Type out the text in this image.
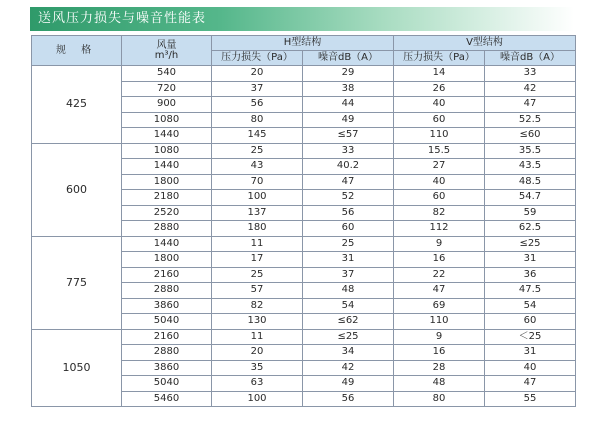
送风压力损失与噪音性能表
规 格	风量
m³/h	H型结构		V型结构	
		压力损失（Pa）	噪音dB（A）	压力损失（Pa）	噪音dB（A）
425	540	20	29	14	33
	720	37	38	26	42
	900	56	44	40	47
	1080	80	49	60	52.5
	1440	145	≤57	110	≤60
600	1080	25	33	15.5	35.5
	1440	43	40.2	27	43.5
	1800	70	47	40	48.5
	2180	100	52	60	54.7
	2520	137	56	82	59
	2880	180	60	112	62.5
775	1440	11	25	9	≤25
	1800	17	31	16	31
	2160	25	37	22	36
	2880	57	48	47	47.5
	3860	82	54	69	54
	5040	130	≤62	110	60
1050	2160	11	≤25	9	＜25
	2880	20	34	16	31
	3860	35	42	28	40
	5040	63	49	48	47
	5460	100	56	80	55
